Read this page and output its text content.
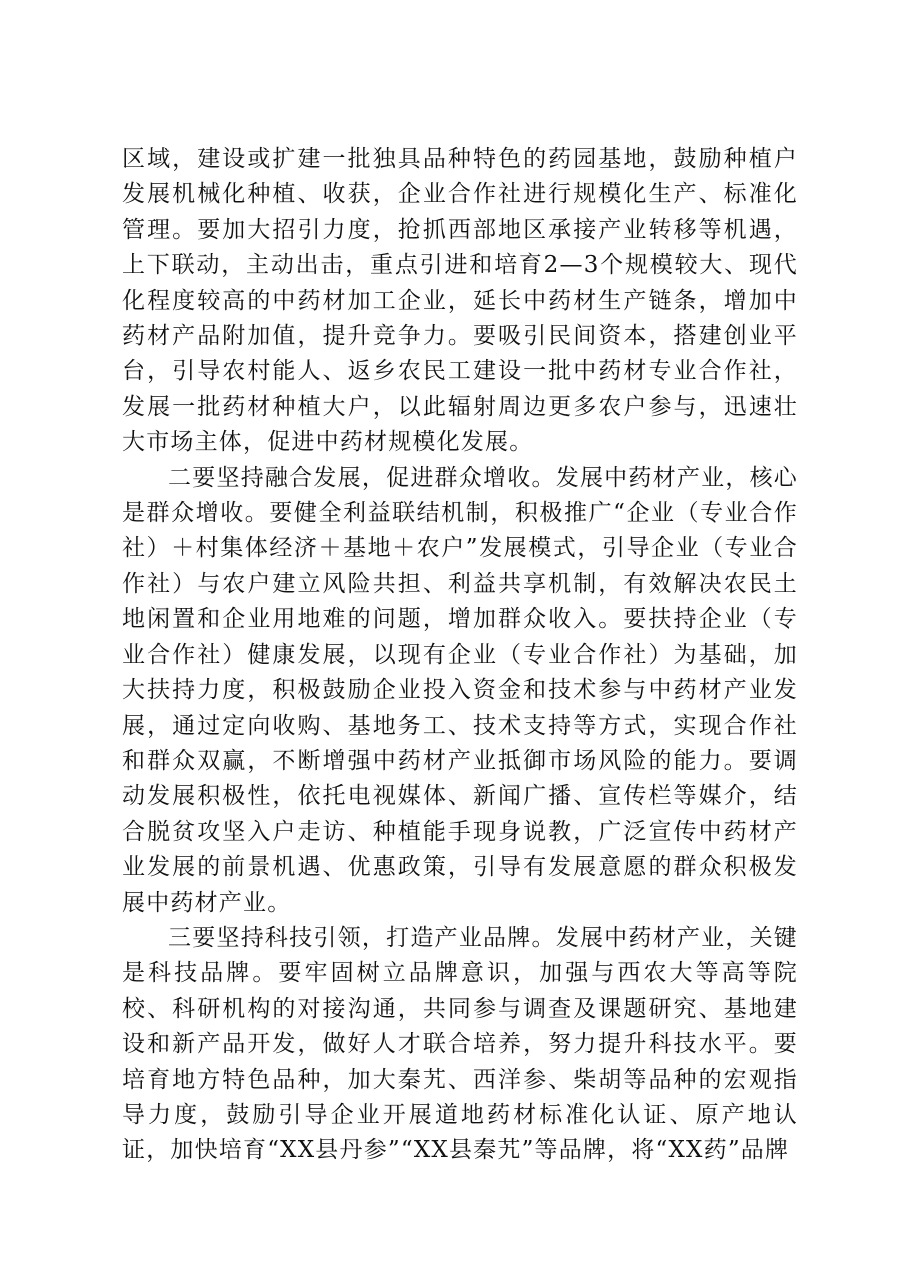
区域，建设或扩建一批独具品种特色的药园基地，鼓励种植户发展机械化种植、收获，企业合作社进行规模化生产、标准化管理。要加大招引力度，抢抓西部地区承接产业转移等机遇，上下联动，主动出击，重点引进和培育2—3个规模较大、现代化程度较高的中药材加工企业，延长中药材生产链条，增加中药材产品附加值，提升竞争力。要吸引民间资本，搭建创业平台，引导农村能人、返乡农民工建设一批中药材专业合作社，发展一批药材种植大户，以此辐射周边更多农户参与，迅速壮大市场主体，促进中药材规模化发展。

二要坚持融合发展，促进群众增收。发展中药材产业，核心是群众增收。要健全利益联结机制，积极推广“企业（专业合作社）＋村集体经济＋基地＋农户”发展模式，引导企业（专业合作社）与农户建立风险共担、利益共享机制，有效解决农民土地闲置和企业用地难的问题，增加群众收入。要扶持企业（专业合作社）健康发展，以现有企业（专业合作社）为基础，加大扶持力度，积极鼓励企业投入资金和技术参与中药材产业发展，通过定向收购、基地务工、技术支持等方式，实现合作社和群众双赢，不断增强中药材产业抵御市场风险的能力。要调动发展积极性，依托电视媒体、新闻广播、宣传栏等媒介，结合脱贫攻坚入户走访、种植能手现身说教，广泛宣传中药材产业发展的前景机遇、优惠政策，引导有发展意愿的群众积极发展中药材产业。

三要坚持科技引领，打造产业品牌。发展中药材产业，关键是科技品牌。要牢固树立品牌意识，加强与西农大等高等院校、科研机构的对接沟通，共同参与调查及课题研究、基地建设和新产品开发，做好人才联合培养，努力提升科技水平。要培育地方特色品种，加大秦艽、西洋参、柴胡等品种的宏观指导力度，鼓励引导企业开展道地药材标准化认证、原产地认证，加快培育“XX县丹参”“XX县秦艽”等品牌，将“XX药”品牌
